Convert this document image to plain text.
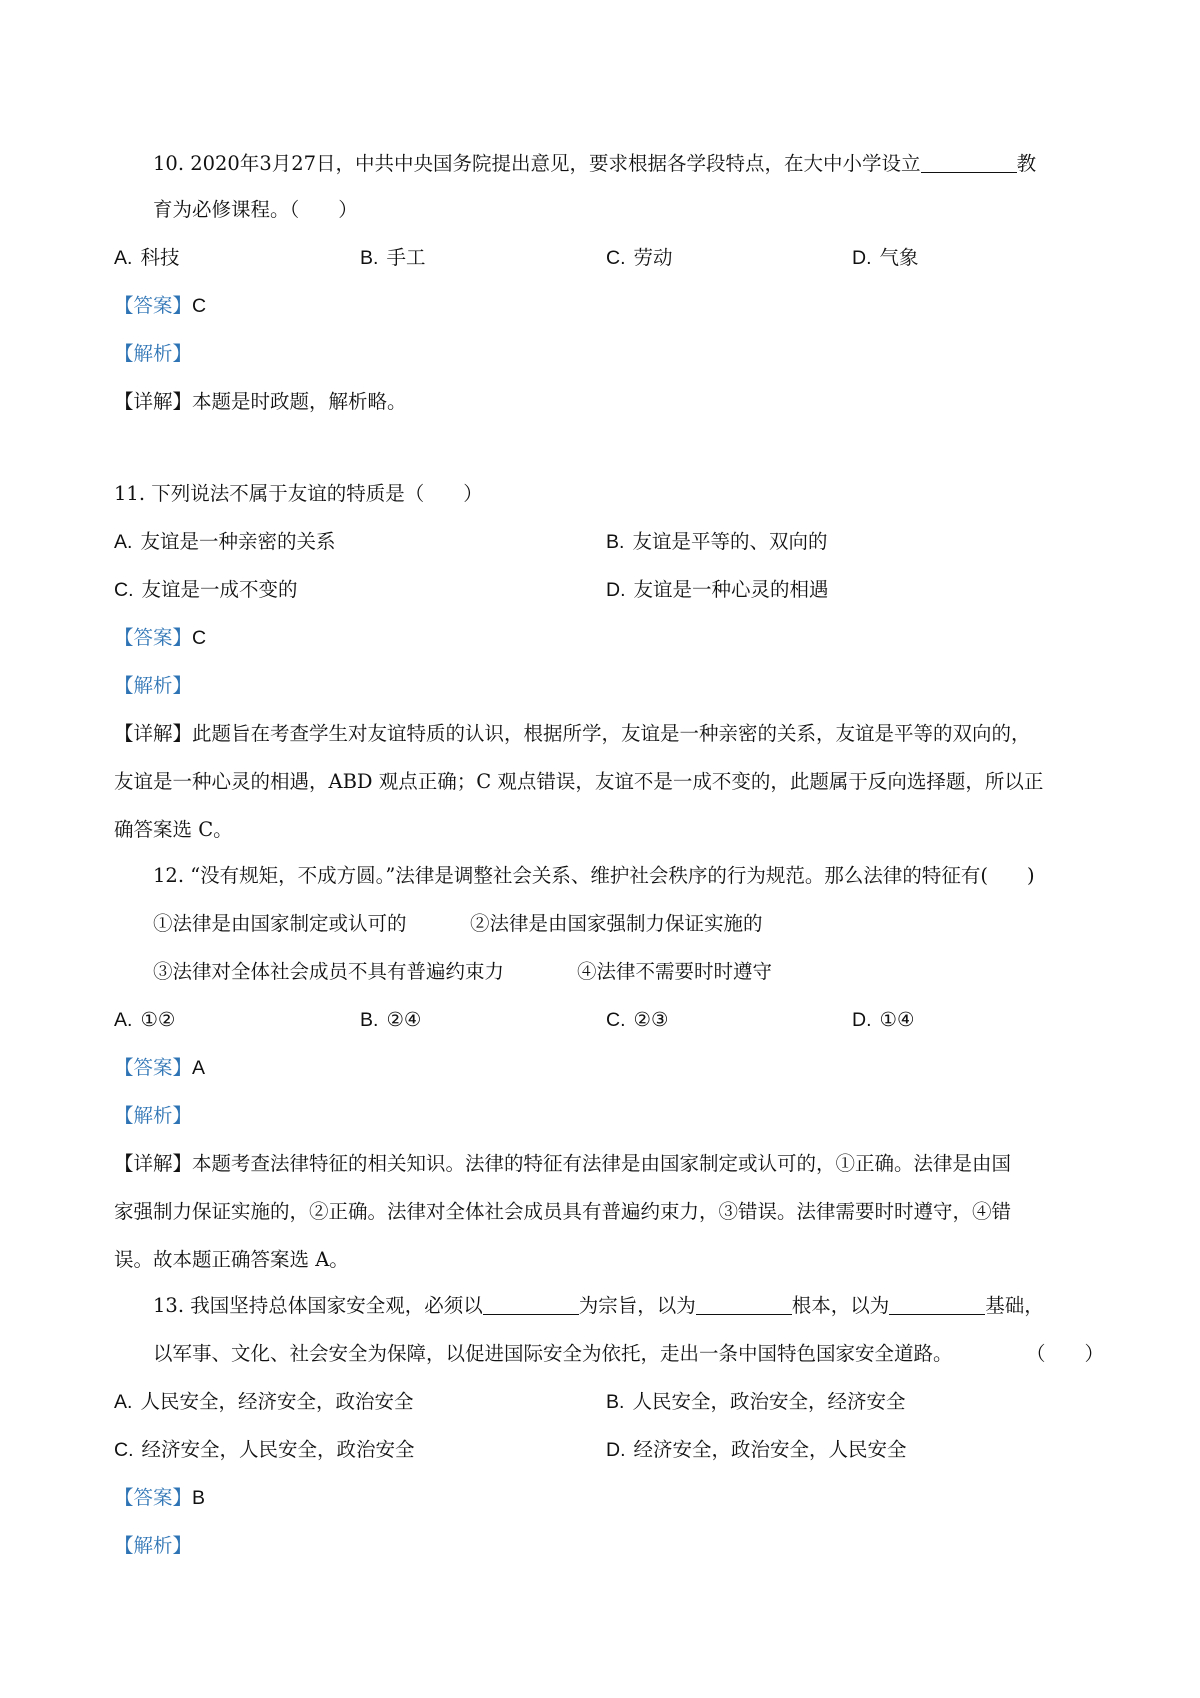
10. 2020年3月27日，中共中央国务院提出意见，要求根据各学段特点，在大中小学设立	教
育为必修课程。（　　）
A. 科技	B. 手工	C. 劳动	D. 气象
【答案】C
【解析】
【详解】本题是时政题，解析略。
11. 下列说法不属于友谊的特质是（　　）
A. 友谊是一种亲密的关系	B. 友谊是平等的、双向的
C. 友谊是一成不变的	D. 友谊是一种心灵的相遇
【答案】C
【解析】
【详解】此题旨在考查学生对友谊特质的认识，根据所学，友谊是一种亲密的关系，友谊是平等的双向的，
友谊是一种心灵的相遇，ABD 观点正确；C 观点错误，友谊不是一成不变的，此题属于反向选择题，所以正
确答案选 C。
12. “没有规矩，不成方圆。”法律是调整社会关系、维护社会秩序的行为规范。那么法律的特征有(　　)
①法律是由国家制定或认可的	②法律是由国家强制力保证实施的
③法律对全体社会成员不具有普遍约束力	④法律不需要时时遵守
A. ①②	B. ②④	C. ②③	D. ①④
【答案】A
【解析】
【详解】本题考查法律特征的相关知识。法律的特征有法律是由国家制定或认可的，①正确。法律是由国
家强制力保证实施的，②正确。法律对全体社会成员具有普遍约束力，③错误。法律需要时时遵守，④错
误。故本题正确答案选 A。
13. 我国坚持总体国家安全观，必须以	为宗旨，以为	根本，以为	基础，
以军事、文化、社会安全为保障，以促进国际安全为依托，走出一条中国特色国家安全道路。	（　　）
A. 人民安全，经济安全，政治安全	B. 人民安全，政治安全，经济安全
C. 经济安全，人民安全，政治安全	D. 经济安全，政治安全，人民安全
【答案】B
【解析】
